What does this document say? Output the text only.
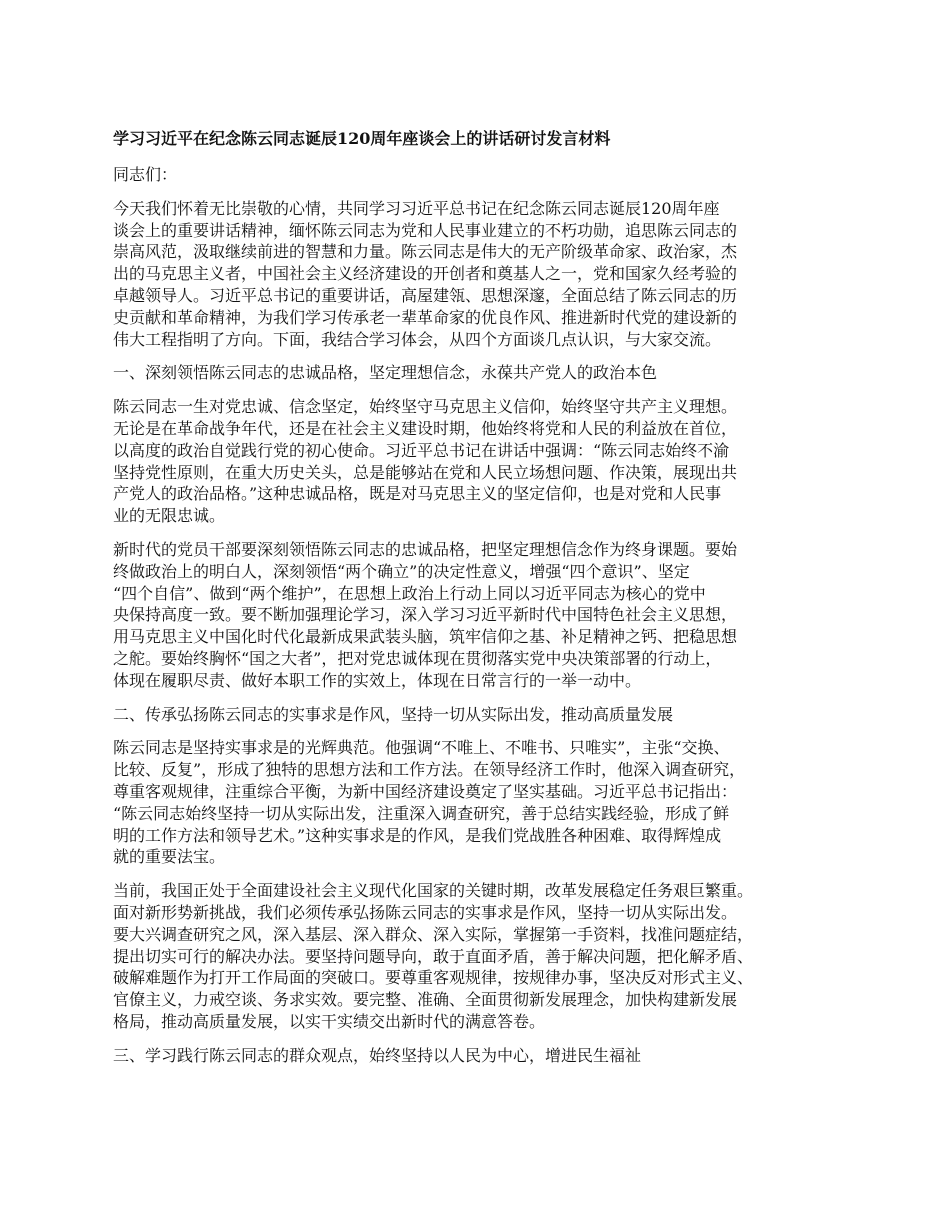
学习习近平在纪念陈云同志诞辰120周年座谈会上的讲话研讨发言材料
同志们：
今天我们怀着无比崇敬的心情，共同学习习近平总书记在纪念陈云同志诞辰120周年座
谈会上的重要讲话精神，缅怀陈云同志为党和人民事业建立的不朽功勋，追思陈云同志的
崇高风范，汲取继续前进的智慧和力量。陈云同志是伟大的无产阶级革命家、政治家，杰
出的马克思主义者，中国社会主义经济建设的开创者和奠基人之一，党和国家久经考验的
卓越领导人。习近平总书记的重要讲话，高屋建瓴、思想深邃，全面总结了陈云同志的历
史贡献和革命精神，为我们学习传承老一辈革命家的优良作风、推进新时代党的建设新的
伟大工程指明了方向。下面，我结合学习体会，从四个方面谈几点认识，与大家交流。
一、深刻领悟陈云同志的忠诚品格，坚定理想信念，永葆共产党人的政治本色
陈云同志一生对党忠诚、信念坚定，始终坚守马克思主义信仰，始终坚守共产主义理想。
无论是在革命战争年代，还是在社会主义建设时期，他始终将党和人民的利益放在首位，
以高度的政治自觉践行党的初心使命。习近平总书记在讲话中强调：“陈云同志始终不渝
坚持党性原则，在重大历史关头，总是能够站在党和人民立场想问题、作决策，展现出共
产党人的政治品格。”这种忠诚品格，既是对马克思主义的坚定信仰，也是对党和人民事
业的无限忠诚。
新时代的党员干部要深刻领悟陈云同志的忠诚品格，把坚定理想信念作为终身课题。要始
终做政治上的明白人，深刻领悟“两个确立”的决定性意义，增强“四个意识”、坚定
“四个自信”、做到“两个维护”，在思想上政治上行动上同以习近平同志为核心的党中
央保持高度一致。要不断加强理论学习，深入学习习近平新时代中国特色社会主义思想，
用马克思主义中国化时代化最新成果武装头脑，筑牢信仰之基、补足精神之钙、把稳思想
之舵。要始终胸怀“国之大者”，把对党忠诚体现在贯彻落实党中央决策部署的行动上，
体现在履职尽责、做好本职工作的实效上，体现在日常言行的一举一动中。
二、传承弘扬陈云同志的实事求是作风，坚持一切从实际出发，推动高质量发展
陈云同志是坚持实事求是的光辉典范。他强调“不唯上、不唯书、只唯实”，主张“交换、
比较、反复”，形成了独特的思想方法和工作方法。在领导经济工作时，他深入调查研究，
尊重客观规律，注重综合平衡，为新中国经济建设奠定了坚实基础。习近平总书记指出：
“陈云同志始终坚持一切从实际出发，注重深入调查研究，善于总结实践经验，形成了鲜
明的工作方法和领导艺术。”这种实事求是的作风，是我们党战胜各种困难、取得辉煌成
就的重要法宝。
当前，我国正处于全面建设社会主义现代化国家的关键时期，改革发展稳定任务艰巨繁重。
面对新形势新挑战，我们必须传承弘扬陈云同志的实事求是作风，坚持一切从实际出发。
要大兴调查研究之风，深入基层、深入群众、深入实际，掌握第一手资料，找准问题症结，
提出切实可行的解决办法。要坚持问题导向，敢于直面矛盾，善于解决问题，把化解矛盾、
破解难题作为打开工作局面的突破口。要尊重客观规律，按规律办事，坚决反对形式主义、
官僚主义，力戒空谈、务求实效。要完整、准确、全面贯彻新发展理念，加快构建新发展
格局，推动高质量发展，以实干实绩交出新时代的满意答卷。
三、学习践行陈云同志的群众观点，始终坚持以人民为中心，增进民生福祉
